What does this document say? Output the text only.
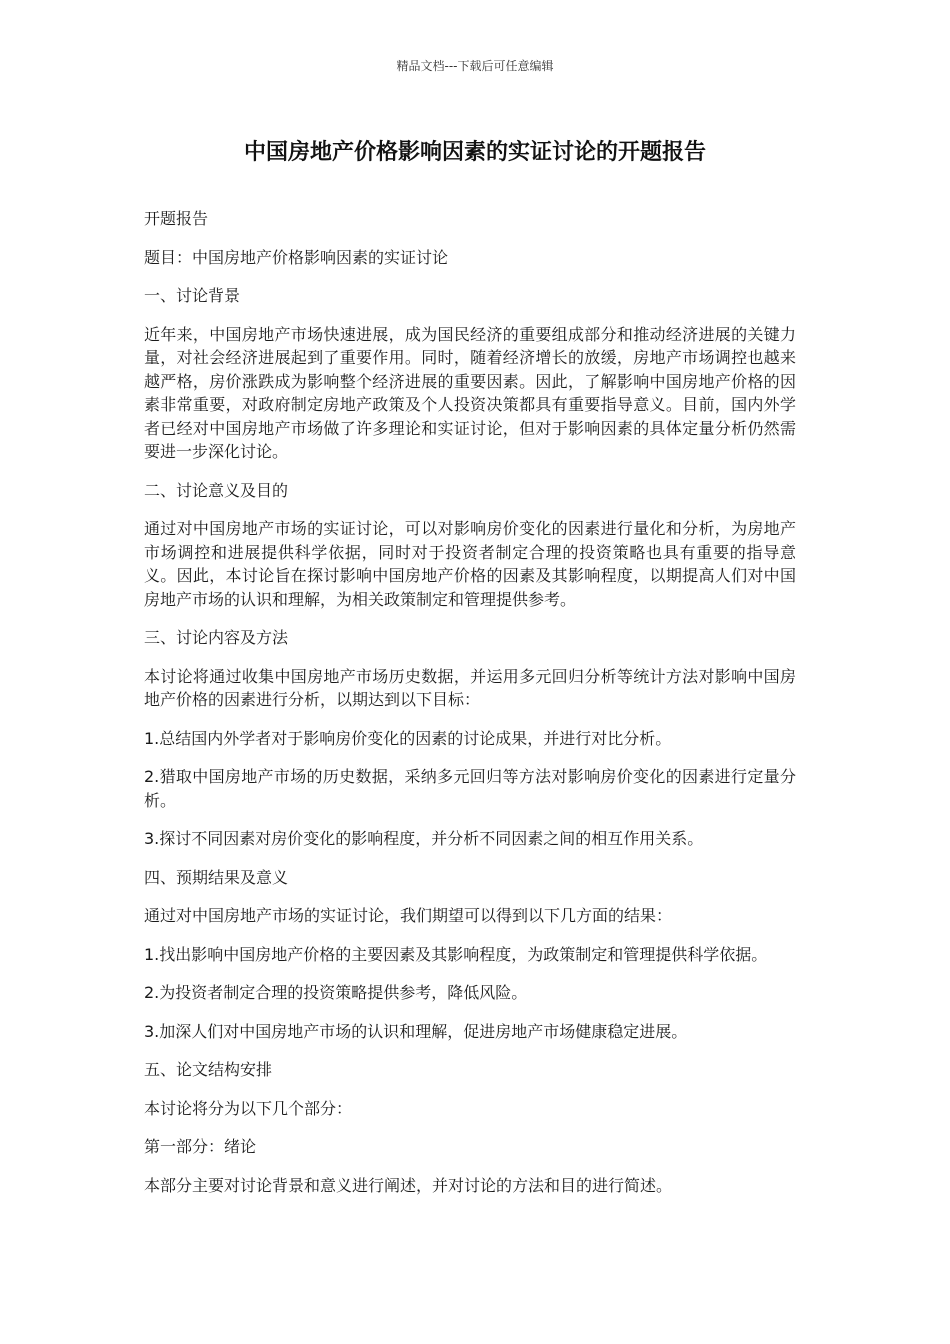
精品文档---下载后可任意编辑
中国房地产价格影响因素的实证讨论的开题报告

开题报告

题目：中国房地产价格影响因素的实证讨论

一、讨论背景

近年来，中国房地产市场快速进展，成为国民经济的重要组成部分和推动经济进展的关键力量，对社会经济进展起到了重要作用。同时，随着经济增长的放缓，房地产市场调控也越来越严格，房价涨跌成为影响整个经济进展的重要因素。因此，了解影响中国房地产价格的因素非常重要，对政府制定房地产政策及个人投资决策都具有重要指导意义。目前，国内外学者已经对中国房地产市场做了许多理论和实证讨论，但对于影响因素的具体定量分析仍然需要进一步深化讨论。

二、讨论意义及目的

通过对中国房地产市场的实证讨论，可以对影响房价变化的因素进行量化和分析，为房地产市场调控和进展提供科学依据，同时对于投资者制定合理的投资策略也具有重要的指导意义。因此，本讨论旨在探讨影响中国房地产价格的因素及其影响程度，以期提高人们对中国房地产市场的认识和理解，为相关政策制定和管理提供参考。

三、讨论内容及方法

本讨论将通过收集中国房地产市场历史数据，并运用多元回归分析等统计方法对影响中国房地产价格的因素进行分析，以期达到以下目标：

1.总结国内外学者对于影响房价变化的因素的讨论成果，并进行对比分析。

2.猎取中国房地产市场的历史数据，采纳多元回归等方法对影响房价变化的因素进行定量分析。

3.探讨不同因素对房价变化的影响程度，并分析不同因素之间的相互作用关系。

四、预期结果及意义

通过对中国房地产市场的实证讨论，我们期望可以得到以下几方面的结果：

1.找出影响中国房地产价格的主要因素及其影响程度，为政策制定和管理提供科学依据。

2.为投资者制定合理的投资策略提供参考，降低风险。

3.加深人们对中国房地产市场的认识和理解，促进房地产市场健康稳定进展。

五、论文结构安排

本讨论将分为以下几个部分：

第一部分：绪论

本部分主要对讨论背景和意义进行阐述，并对讨论的方法和目的进行简述。
